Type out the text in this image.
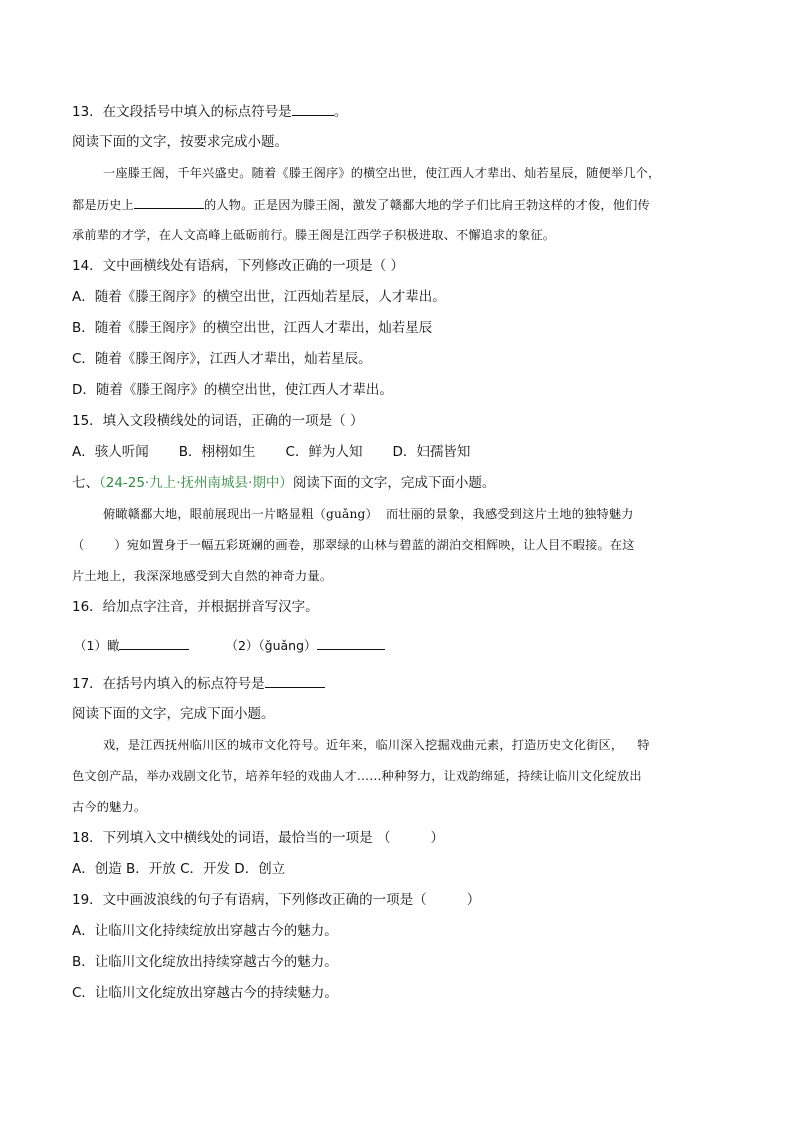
13．在文段括号中填入的标点符号是	。
阅读下面的文字，按要求完成小题。
一座滕王阁，千年兴盛史。随着《滕王阁序》的横空出世，使江西人才辈出、灿若星辰，随便举几个，
都是历史上	的人物。正是因为滕王阁，激发了赣鄱大地的学子们比肩王勃这样的才俊，他们传
承前辈的才学，在人文高峰上砥砺前行。滕王阁是江西学子积极进取、不懈追求的象征。
14．文中画横线处有语病，下列修改正确的一项是（ ）
A．随着《滕王阁序》的横空出世，江西灿若星辰，人才辈出。
B．随着《滕王阁序》的横空出世，江西人才辈出，灿若星辰
C．随着《滕王阁序》，江西人才辈出，灿若星辰。
D．随着《滕王阁序》的横空出世，使江西人才辈出。
15．填入文段横线处的词语，正确的一项是（ ）
A．骇人听闻 B．栩栩如生 C．鲜为人知 D．妇孺皆知
七、（24-25·九上·抚州南城县·期中）阅读下面的文字，完成下面小题。
俯瞰赣鄱大地，眼前展现出一片略显粗（guǎng） 而壮丽的景象，我感受到这片土地的独特魅力
（ ）宛如置身于一幅五彩斑斓的画卷，那翠绿的山林与碧蓝的湖泊交相辉映，让人目不暇接。在这
片土地上，我深深地感受到大自然的神奇力量。
16．给加点字注音，并根据拼音写汉字。
（1）瞰	（2）（ǧuǎng）
17．在括号内填入的标点符号是
阅读下面的文字，完成下面小题。
戏，是江西抚州临川区的城市文化符号。近年来，临川深入挖掘戏曲元素，打造历史文化街区， 特
色文创产品，举办戏剧文化节，培养年轻的戏曲人才……种种努力，让戏韵绵延，持续让临川文化绽放出
古今的魅力。
18．下列填入文中横线处的词语，最恰当的一项是 （	）
A．创造 B．开放 C．开发 D．创立
19．文中画波浪线的句子有语病，下列修改正确的一项是（	）
A．让临川文化持续绽放出穿越古今的魅力。
B．让临川文化绽放出持续穿越古今的魅力。
C．让临川文化绽放出穿越古今的持续魅力。
